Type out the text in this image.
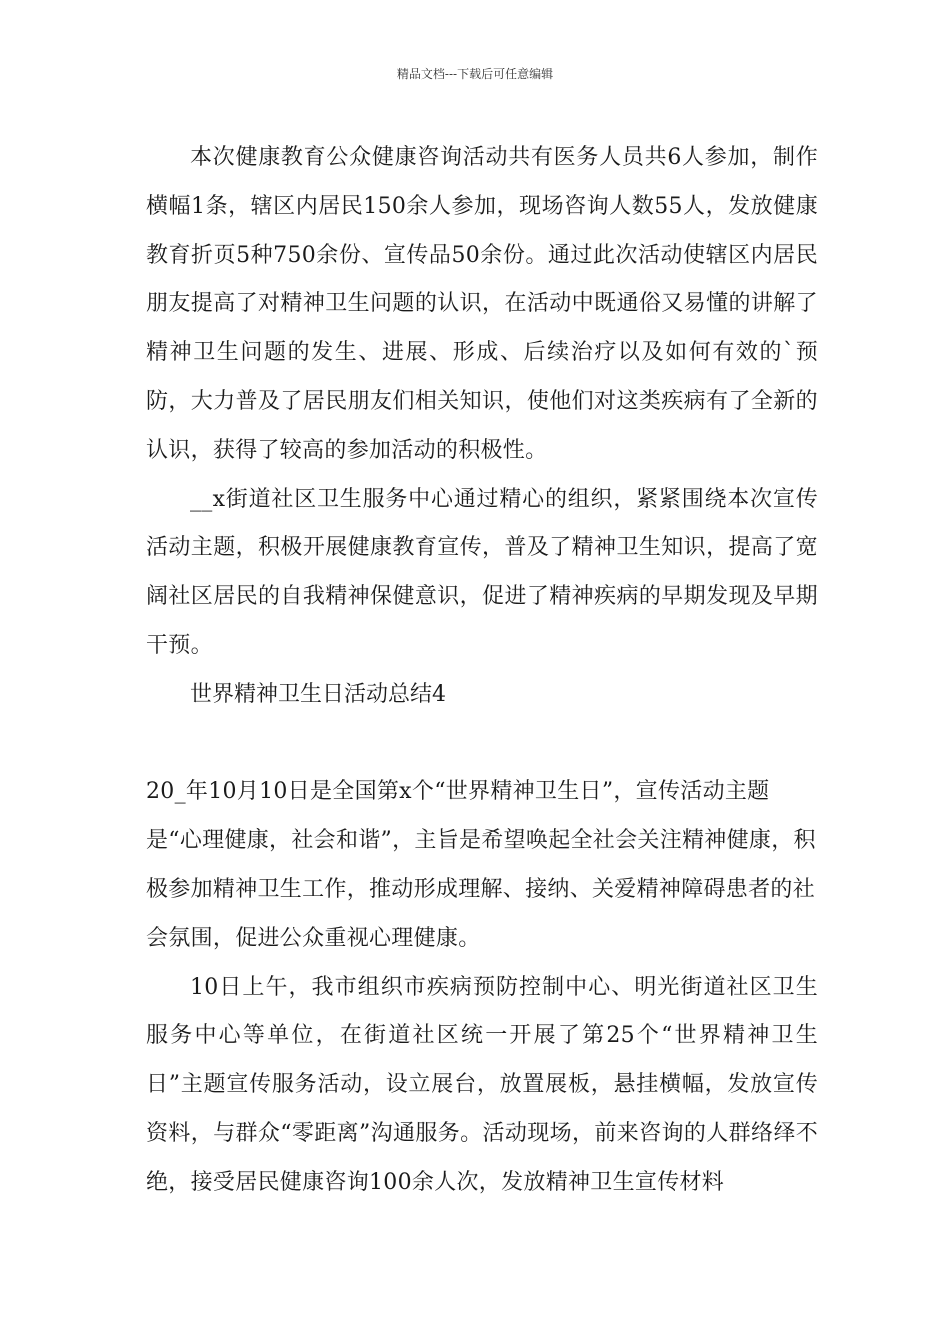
精品文档---下载后可任意编辑

本次健康教育公众健康咨询活动共有医务人员共6人参加，制作横幅1条，辖区内居民150余人参加，现场咨询人数55人，发放健康教育折页5种750余份、宣传品50余份。通过此次活动使辖区内居民朋友提高了对精神卫生问题的认识，在活动中既通俗又易懂的讲解了精神卫生问题的发生、进展、形成、后续治疗以及如何有效的`预防，大力普及了居民朋友们相关知识，使他们对这类疾病有了全新的认识，获得了较高的参加活动的积极性。

__x街道社区卫生服务中心通过精心的组织，紧紧围绕本次宣传活动主题，积极开展健康教育宣传，普及了精神卫生知识，提高了宽阔社区居民的自我精神保健意识，促进了精神疾病的早期发现及早期干预。

世界精神卫生日活动总结4

20_年10月10日是全国第x个“世界精神卫生日”，宣传活动主题是“心理健康，社会和谐”，主旨是希望唤起全社会关注精神健康，积极参加精神卫生工作，推动形成理解、接纳、关爱精神障碍患者的社会氛围，促进公众重视心理健康。

10日上午，我市组织市疾病预防控制中心、明光街道社区卫生服务中心等单位，在街道社区统一开展了第25个“世界精神卫生日”主题宣传服务活动，设立展台，放置展板，悬挂横幅，发放宣传资料，与群众“零距离”沟通服务。活动现场，前来咨询的人群络绎不绝，接受居民健康咨询100余人次，发放精神卫生宣传材料
